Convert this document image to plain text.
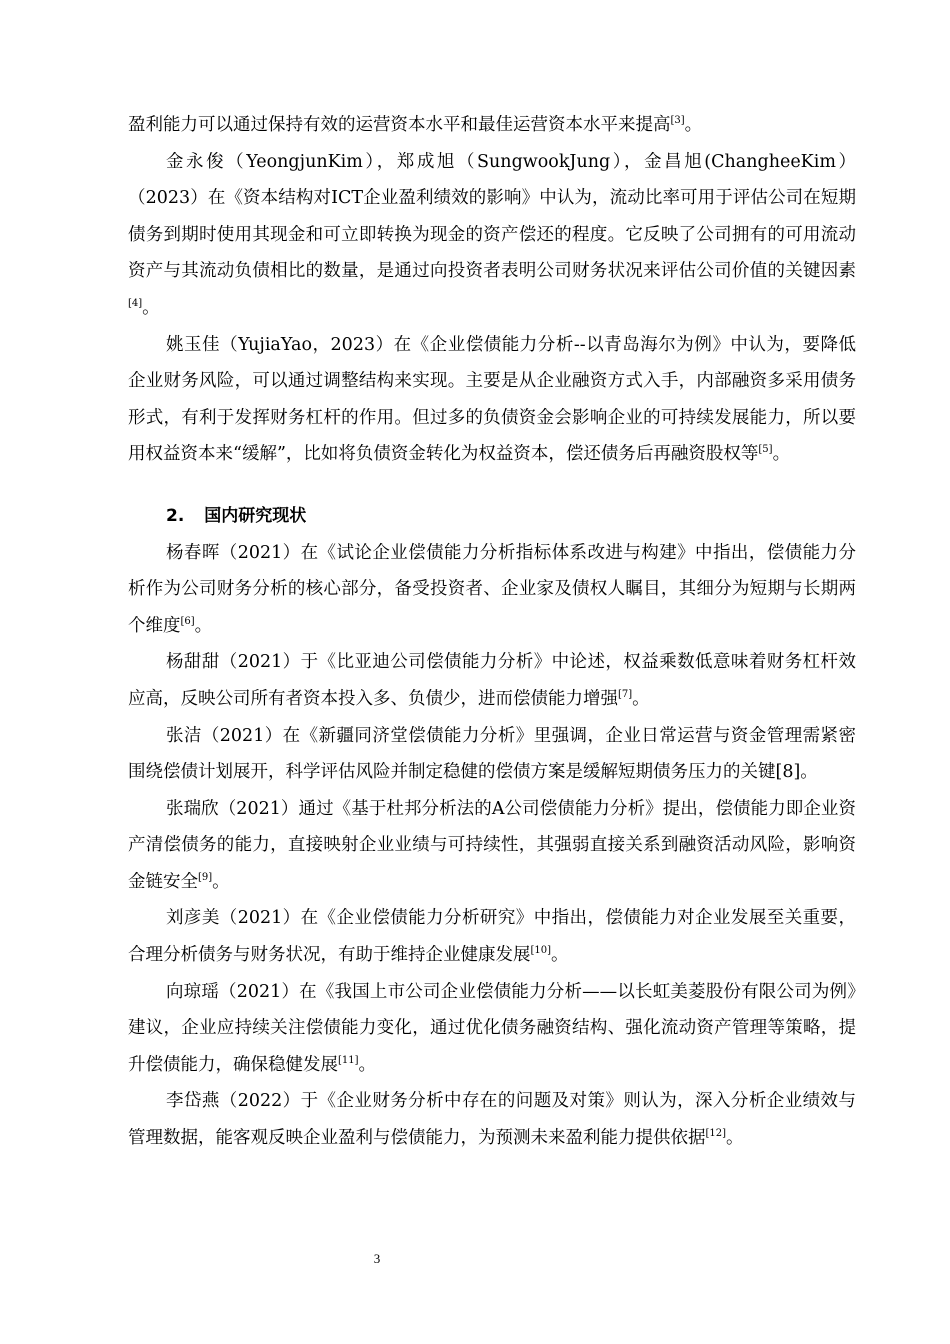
盈利能力可以通过保持有效的运营资本水平和最佳运营资本水平来提高[3]。

金永俊（YeongjunKim），郑成旭（SungwookJung），金昌旭(ChangheeKim）（2023）在《资本结构对ICT企业盈利绩效的影响》中认为，流动比率可用于评估公司在短期债务到期时使用其现金和可立即转换为现金的资产偿还的程度。它反映了公司拥有的可用流动资产与其流动负债相比的数量，是通过向投资者表明公司财务状况来评估公司价值的关键因素[4]。

姚玉佳（YujiaYao，2023）在《企业偿债能力分析--以青岛海尔为例》中认为，要降低企业财务风险，可以通过调整结构来实现。主要是从企业融资方式入手，内部融资多采用债务形式，有利于发挥财务杠杆的作用。但过多的负债资金会影响企业的可持续发展能力，所以要用权益资本来“缓解”，比如将负债资金转化为权益资本，偿还债务后再融资股权等[5]。

2. 国内研究现状

杨春晖（2021）在《试论企业偿债能力分析指标体系改进与构建》中指出，偿债能力分析作为公司财务分析的核心部分，备受投资者、企业家及债权人瞩目，其细分为短期与长期两个维度[6]。

杨甜甜（2021）于《比亚迪公司偿债能力分析》中论述，权益乘数低意味着财务杠杆效应高，反映公司所有者资本投入多、负债少，进而偿债能力增强[7]。

张洁（2021）在《新疆同济堂偿债能力分析》里强调，企业日常运营与资金管理需紧密围绕偿债计划展开，科学评估风险并制定稳健的偿债方案是缓解短期债务压力的关键[8]。

张瑞欣（2021）通过《基于杜邦分析法的A公司偿债能力分析》提出，偿债能力即企业资产清偿债务的能力，直接映射企业业绩与可持续性，其强弱直接关系到融资活动风险，影响资金链安全[9]。

刘彦美（2021）在《企业偿债能力分析研究》中指出，偿债能力对企业发展至关重要，合理分析债务与财务状况，有助于维持企业健康发展[10]。

向琼瑶（2021）在《我国上市公司企业偿债能力分析——以长虹美菱股份有限公司为例》建议，企业应持续关注偿债能力变化，通过优化债务融资结构、强化流动资产管理等策略，提升偿债能力，确保稳健发展[11]。

李岱燕（2022）于《企业财务分析中存在的问题及对策》则认为，深入分析企业绩效与管理数据，能客观反映企业盈利与偿债能力，为预测未来盈利能力提供依据[12]。

3
